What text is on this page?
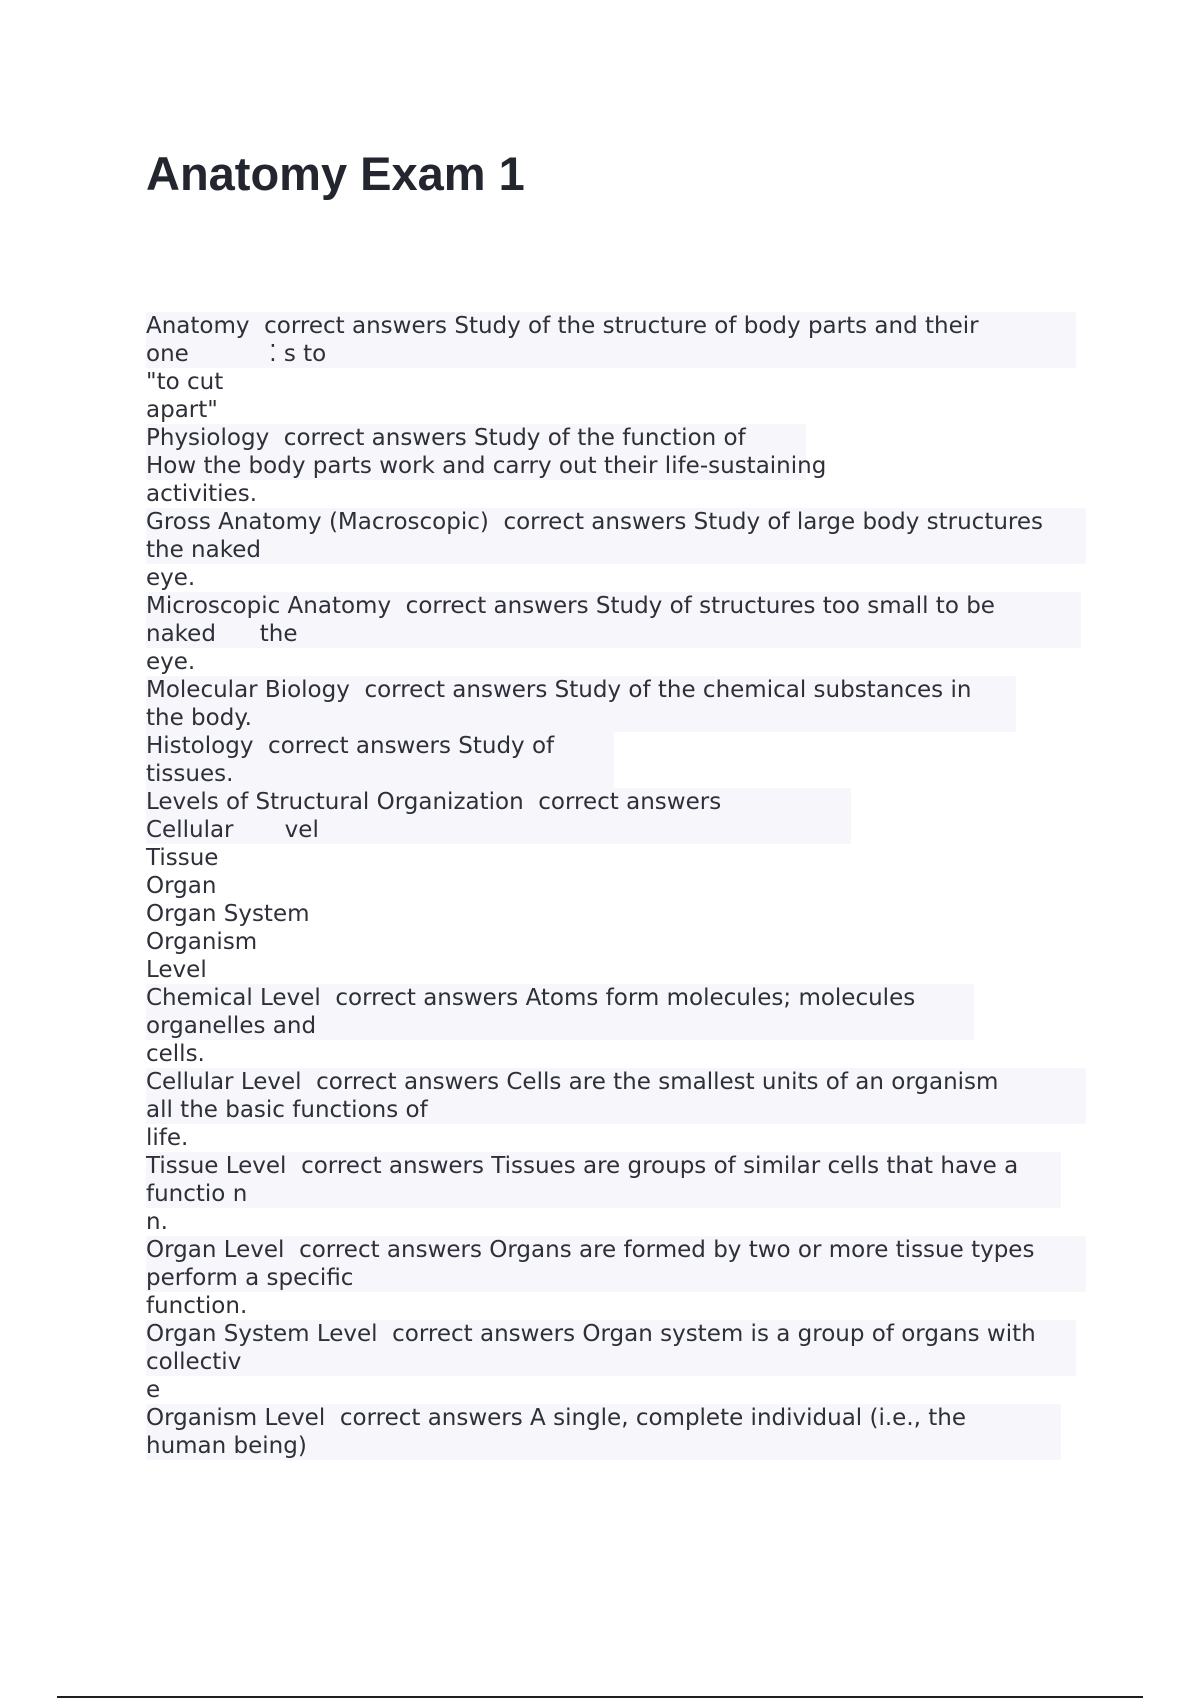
Anatomy Exam 1
Anatomy  correct answers Study of the structure of body parts and their
one           ⁚ s to
"to cut
apart"
Physiology  correct answers Study of the function of
How the body parts work and carry out their life-sustaining
activities.
Gross Anatomy (Macroscopic)  correct answers Study of large body structures
the naked
eye.
Microscopic Anatomy  correct answers Study of structures too small to be
naked      the
eye.
Molecular Biology  correct answers Study of the chemical substances in
the body.
Histology  correct answers Study of
tissues.
Levels of Structural Organization  correct answers
Cellular       vel
Tissue
Organ
Organ System
Organism
Level
Chemical Level  correct answers Atoms form molecules; molecules
organelles and
cells.
Cellular Level  correct answers Cells are the smallest units of an organism
all the basic functions of
life.
Tissue Level  correct answers Tissues are groups of similar cells that have a
functio n
n.
Organ Level  correct answers Organs are formed by two or more tissue types
perform a specific
function.
Organ System Level  correct answers Organ system is a group of organs with
collectiv
e
Organism Level  correct answers A single, complete individual (i.e., the
human being)
